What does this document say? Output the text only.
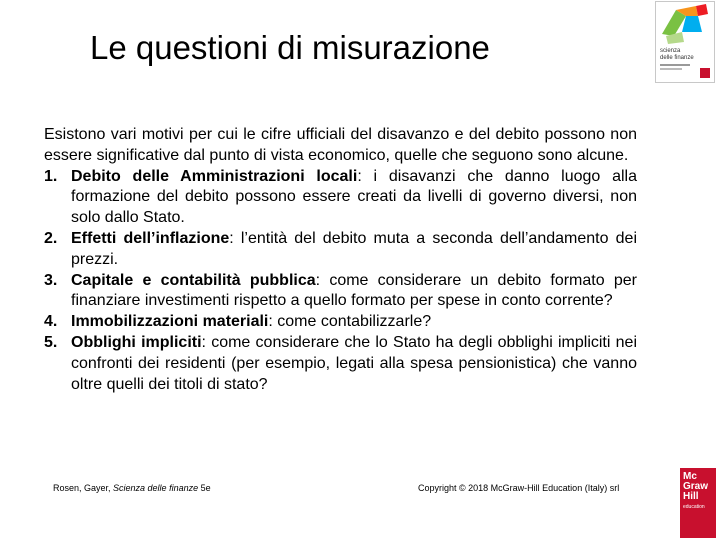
Le questioni di misurazione	scienza
delle finanze

Esistono vari motivi per cui le cifre ufficiali del disavanzo e del debito possono non essere significative dal punto di vista economico, quelle che seguono sono alcune.

1. Debito delle Amministrazioni locali: i disavanzi che danno luogo alla formazione del debito possono essere creati da livelli di governo diversi, non solo dallo Stato.
2. Effetti dell’inflazione: l’entità del debito muta a seconda dell’andamento dei prezzi.
3. Capitale e contabilità pubblica: come considerare un debito formato per finanziare investimenti rispetto a quello formato per spese in conto corrente?
4. Immobilizzazioni materiali: come contabilizzarle?
5. Obblighi impliciti: come considerare che lo Stato ha degli obblighi impliciti nei confronti dei residenti (per esempio, legati alla spesa pensionistica) che vanno oltre quelli dei titoli di stato?
Rosen, Gayer, Scienza delle finanze 5e	Copyright © 2018 McGraw-Hill Education (Italy) srl
Mc
Graw
Hill
education
